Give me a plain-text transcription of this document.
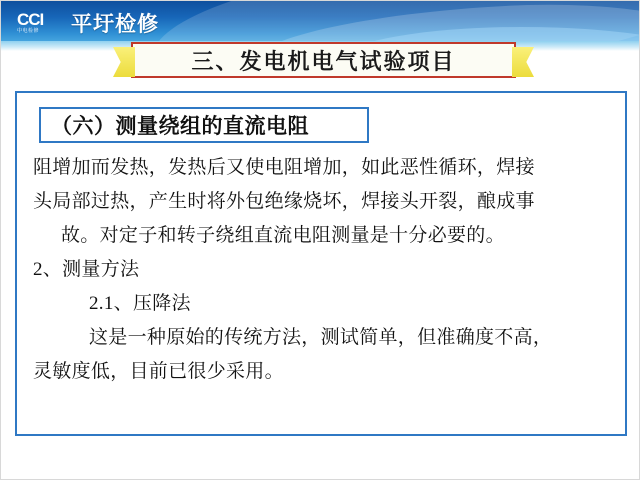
CCI
中电检修	平圩检修
三、发电机电气试验项目
（六）测量绕组的直流电阻

阻增加而发热，发热后又使电阻增加，如此恶性循环，焊接

头局部过热，产生时将外包绝缘烧坏，焊接头开裂，酿成事

故。对定子和转子绕组直流电阻测量是十分必要的。

2、测量方法

2.1、压降法

这是一种原始的传统方法，测试简单，但准确度不高，

灵敏度低，目前已很少采用。
